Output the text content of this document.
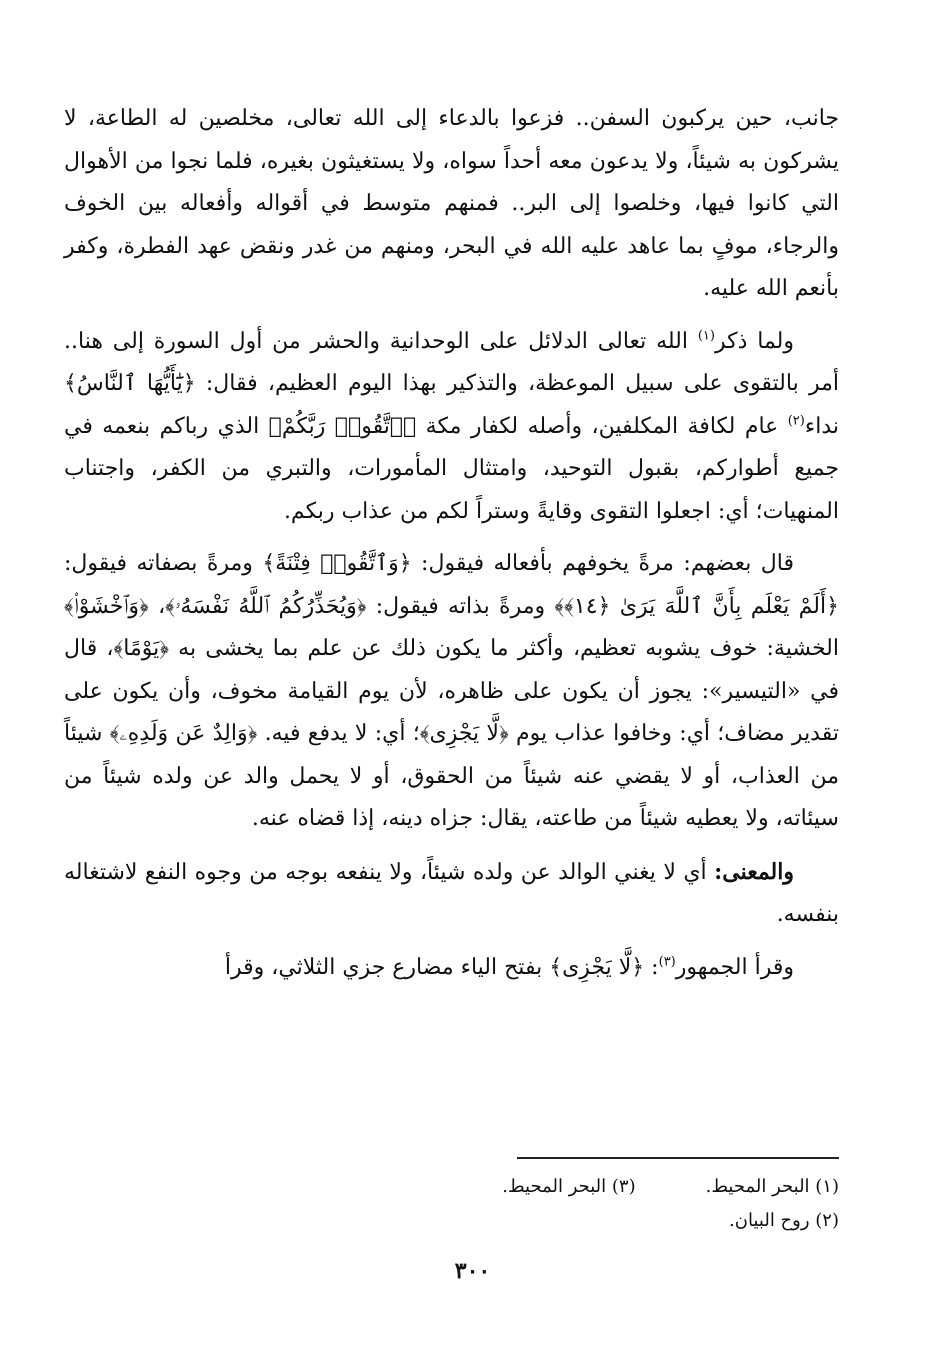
جانب، حين يركبون السفن.. فزعوا بالدعاء إلى الله تعالى، مخلصين له الطاعة، لا يشركون به شيئاً، ولا يدعون معه أحداً سواه، ولا يستغيثون بغيره، فلما نجوا من الأهوال التي كانوا فيها، وخلصوا إلى البر.. فمنهم متوسط في أقواله وأفعاله بين الخوف والرجاء، موفٍ بما عاهد عليه الله في البحر، ومنهم من غدر ونقض عهد الفطرة، وكفر بأنعم الله عليه.

ولما ذكر$^{(١)}$ الله تعالى الدلائل على الوحدانية والحشر من أول السورة إلى هنا.. أمر بالتقوى على سبيل الموعظة، والتذكير بهذا اليوم العظيم، فقال: ﴿يَٰٓأَيُّهَا ٱلنَّاسُ﴾ نداء$^{(٢)}$ عام لكافة المكلفين، وأصله لكفار مكة ﴿ٱتَّقُوا۟ رَبَّكُمْ﴾ الذي رباكم بنعمه في جميع أطواركم، بقبول التوحيد، وامتثال المأمورات، والتبري من الكفر، واجتناب المنهيات؛ أي: اجعلوا التقوى وقايةً وستراً لكم من عذاب ربكم.

قال بعضهم: مرةً يخوفهم بأفعاله فيقول: ﴿وَٱتَّقُوا۟ فِتْنَةً﴾ ومرةً بصفاته فيقول: ﴿أَلَمْ يَعْلَم بِأَنَّ ٱللَّهَ يَرَىٰ ﴿١٤﴾﴾ ومرةً بذاته فيقول: ﴿وَيُحَذِّرُكُمُ ٱللَّهُ نَفْسَهُۥ﴾، ﴿وَٱخْشَوْا۟﴾ الخشية: خوف يشوبه تعظيم، وأكثر ما يكون ذلك عن علم بما يخشى به ﴿يَوْمًا﴾، قال في «التيسير»: يجوز أن يكون على ظاهره، لأن يوم القيامة مخوف، وأن يكون على تقدير مضاف؛ أي: وخافوا عذاب يوم ﴿لَّا يَجْزِى﴾؛ أي: لا يدفع فيه. ﴿وَالِدٌ عَن وَلَدِهِۦ﴾ شيئاً من العذاب، أو لا يقضي عنه شيئاً من الحقوق، أو لا يحمل والد عن ولده شيئاً من سيئاته، ولا يعطيه شيئاً من طاعته، يقال: جزاه دينه، إذا قضاه عنه.

والمعنى: أي لا يغني الوالد عن ولده شيئاً، ولا ينفعه بوجه من وجوه النفع لاشتغاله بنفسه.

وقرأ الجمهور$^{(٣)}$: ﴿لَّا يَجْزِى﴾ بفتح الياء مضارع جزي الثلاثي، وقرأ

(١) البحر المحيط.
(٣) البحر المحيط.
(٢) روح البيان.
٣٠٠
